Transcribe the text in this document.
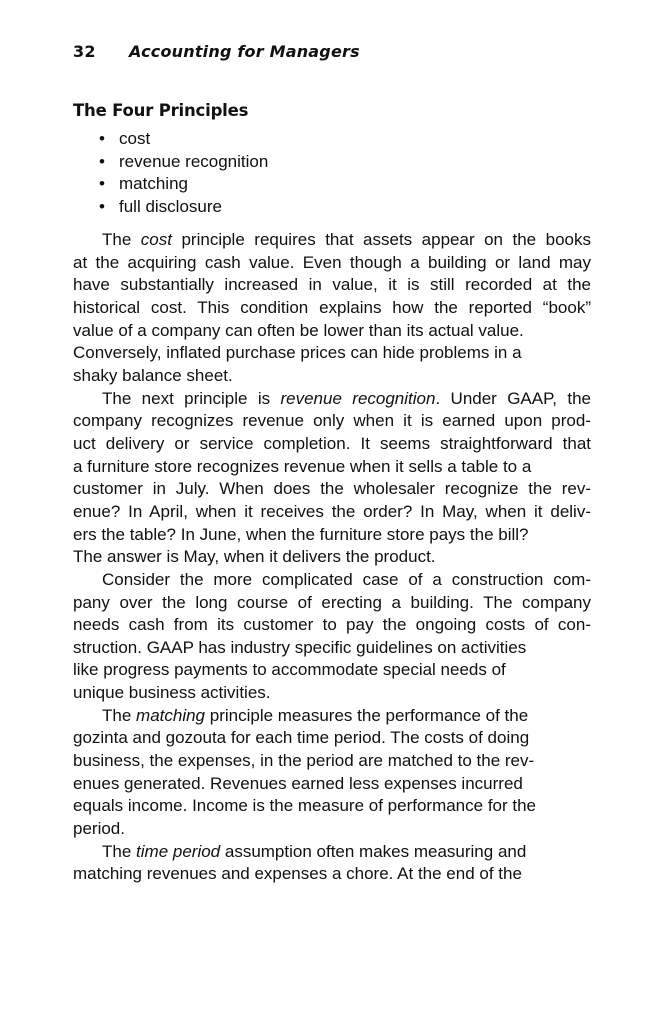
32 Accounting for Managers
The Four Principles
• cost
• revenue recognition
• matching
• full disclosure
The cost principle requires that assets appear on the books
at the acquiring cash value. Even though a building or land may
have substantially increased in value, it is still recorded at the
historical cost. This condition explains how the reported “book”
value of a company can often be lower than its actual value.
Conversely, inflated purchase prices can hide problems in a
shaky balance sheet.
The next principle is revenue recognition. Under GAAP, the
company recognizes revenue only when it is earned upon prod-
uct delivery or service completion. It seems straightforward that
a furniture store recognizes revenue when it sells a table to a
customer in July. When does the wholesaler recognize the rev-
enue? In April, when it receives the order? In May, when it deliv-
ers the table? In June, when the furniture store pays the bill?
The answer is May, when it delivers the product.
Consider the more complicated case of a construction com-
pany over the long course of erecting a building. The company
needs cash from its customer to pay the ongoing costs of con-
struction. GAAP has industry specific guidelines on activities
like progress payments to accommodate special needs of
unique business activities.
The matching principle measures the performance of the
gozinta and gozouta for each time period. The costs of doing
business, the expenses, in the period are matched to the rev-
enues generated. Revenues earned less expenses incurred
equals income. Income is the measure of performance for the
period.
The time period assumption often makes measuring and
matching revenues and expenses a chore. At the end of the
